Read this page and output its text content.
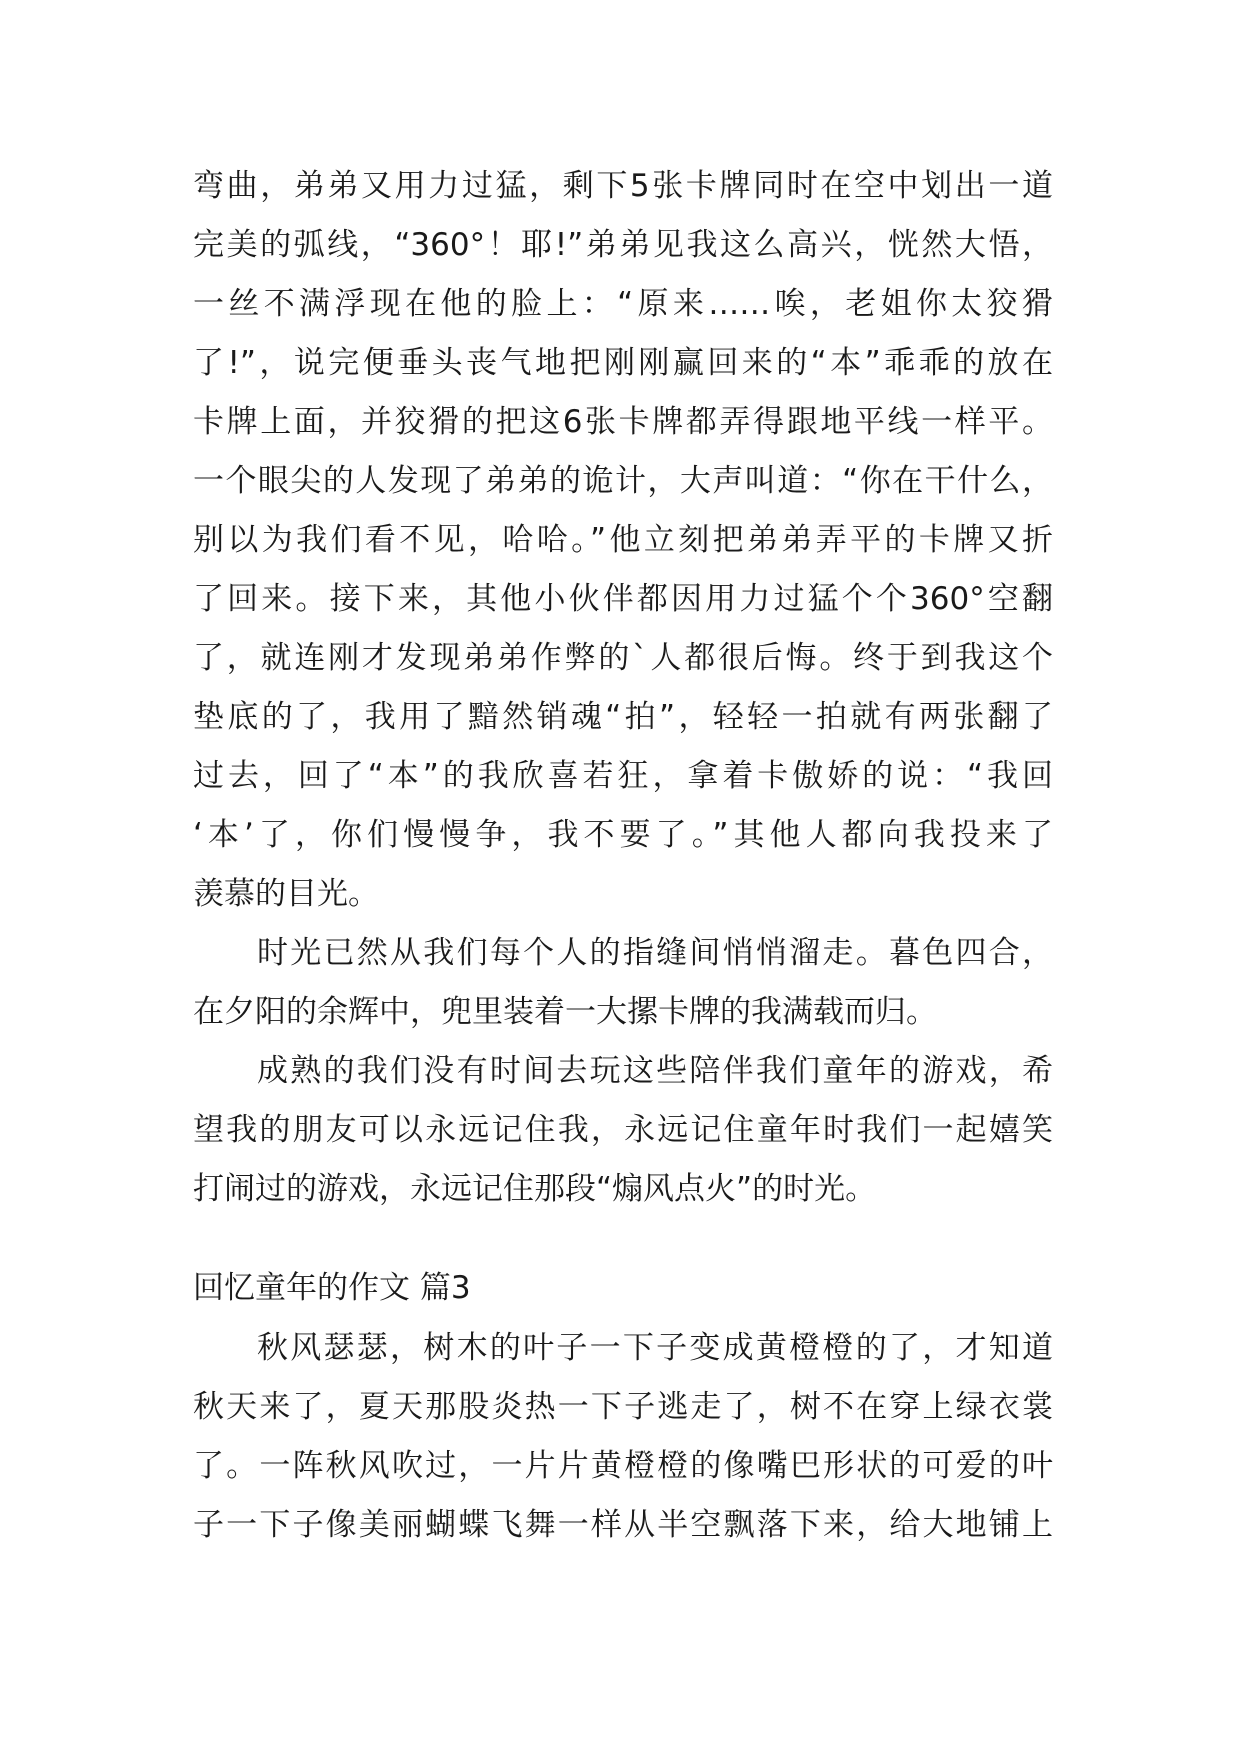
弯曲，弟弟又用力过猛，剩下5张卡牌同时在空中划出一道
完美的弧线，“360°！耶!”弟弟见我这么高兴，恍然大悟，
一丝不满浮现在他的脸上：“原来……唉，老姐你太狡猾
了!”，说完便垂头丧气地把刚刚赢回来的“本”乖乖的放在
卡牌上面，并狡猾的把这6张卡牌都弄得跟地平线一样平。
一个眼尖的人发现了弟弟的诡计，大声叫道：“你在干什么，
别以为我们看不见，哈哈。”他立刻把弟弟弄平的卡牌又折
了回来。接下来，其他小伙伴都因用力过猛个个360°空翻
了，就连刚才发现弟弟作弊的`人都很后悔。终于到我这个
垫底的了，我用了黯然销魂“拍”，轻轻一拍就有两张翻了
过去，回了“本”的我欣喜若狂，拿着卡傲娇的说：“我回
‘本’了，你们慢慢争，我不要了。”其他人都向我投来了
羡慕的目光。
时光已然从我们每个人的指缝间悄悄溜走。暮色四合，
在夕阳的余辉中，兜里装着一大摞卡牌的我满载而归。
成熟的我们没有时间去玩这些陪伴我们童年的游戏，希
望我的朋友可以永远记住我，永远记住童年时我们一起嬉笑
打闹过的游戏，永远记住那段“煽风点火”的时光。
回忆童年的作文 篇3
秋风瑟瑟，树木的叶子一下子变成黄橙橙的了，才知道
秋天来了，夏天那股炎热一下子逃走了，树不在穿上绿衣裳
了。一阵秋风吹过，一片片黄橙橙的像嘴巴形状的可爱的叶
子一下子像美丽蝴蝶飞舞一样从半空飘落下来，给大地铺上
